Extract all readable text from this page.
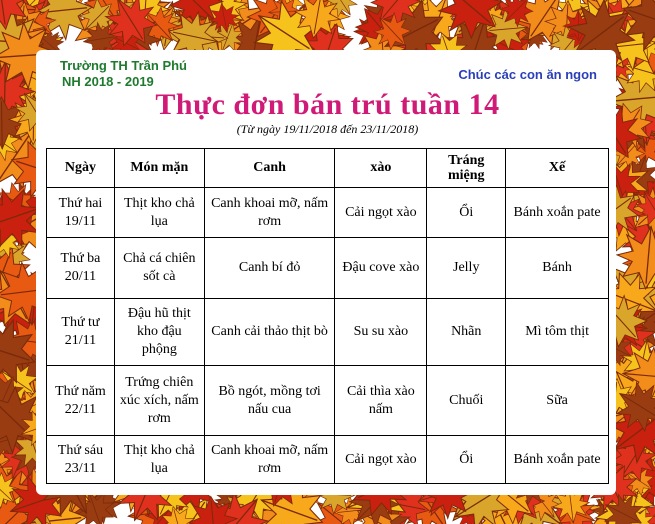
Trường TH Trần Phú
NH 2018 - 2019	Chúc các con ăn ngon
Thực đơn bán trú tuần 14
(Từ ngày 19/11/2018 đến 23/11/2018)
Ngày	Món mặn	Canh	xào	Tráng miệng	Xế
Thứ hai 19/11	Thịt kho chả lụa	Canh khoai mỡ, nấm rơm	Cải ngọt xào	Ổi	Bánh xoắn pate
Thứ ba 20/11	Chả cá chiên sốt cà	Canh bí đỏ	Đậu cove xào	Jelly	Bánh
Thứ tư 21/11	Đậu hũ thịt kho đậu phộng	Canh cải thảo thịt bò	Su su xào	Nhãn	Mì tôm thịt
Thứ năm 22/11	Trứng chiên xúc xích, nấm rơm	Bồ ngót, mồng tơi nấu cua	Cải thìa xào nấm	Chuối	Sữa
Thứ sáu 23/11	Thịt kho chả lụa	Canh khoai mỡ, nấm rơm	Cải ngọt xào	Ổi	Bánh xoắn pate
